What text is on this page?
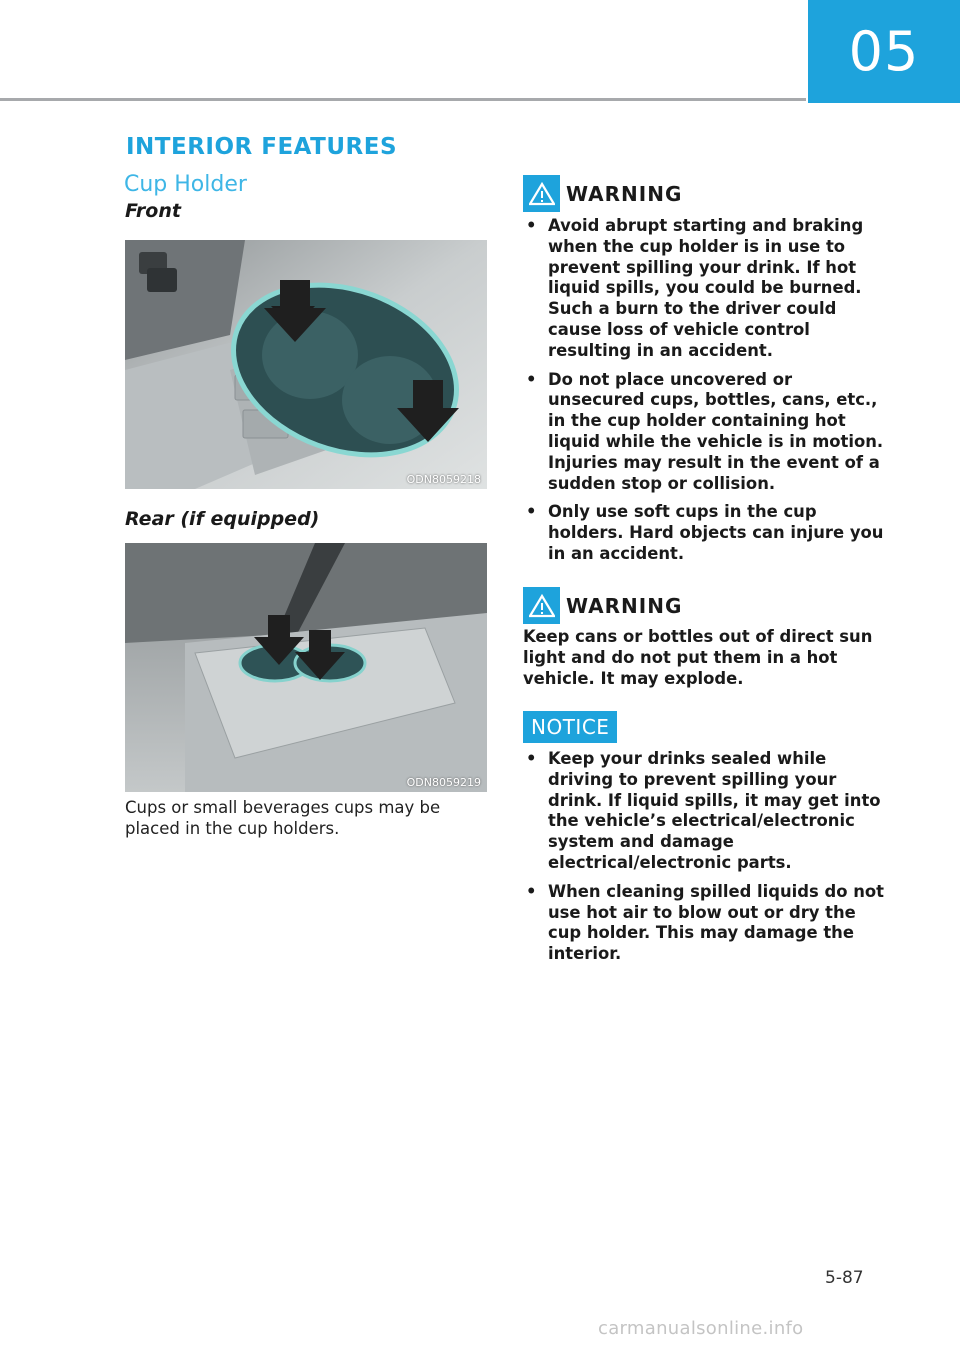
05
INTERIOR FEATURES
Cup Holder
Front
ODN8059218
Rear (if equipped)
ODN8059219
Cups or small beverages cups may be placed in the cup holders.
WARNING
• Avoid abrupt starting and braking when the cup holder is in use to prevent spilling your drink. If hot liquid spills, you could be burned. Such a burn to the driver could cause loss of vehicle control resulting in an accident.
• Do not place uncovered or unsecured cups, bottles, cans, etc., in the cup holder containing hot liquid while the vehicle is in motion. Injuries may result in the event of a sudden stop or collision.
• Only use soft cups in the cup holders. Hard objects can injure you in an accident.
WARNING
Keep cans or bottles out of direct sun light and do not put them in a hot vehicle. It may explode.
NOTICE
• Keep your drinks sealed while driving to prevent spilling your drink. If liquid spills, it may get into the vehicle’s electrical/electronic system and damage electrical/electronic parts.
• When cleaning spilled liquids do not use hot air to blow out or dry the cup holder. This may damage the interior.
5-87
carmanualsonline.info
